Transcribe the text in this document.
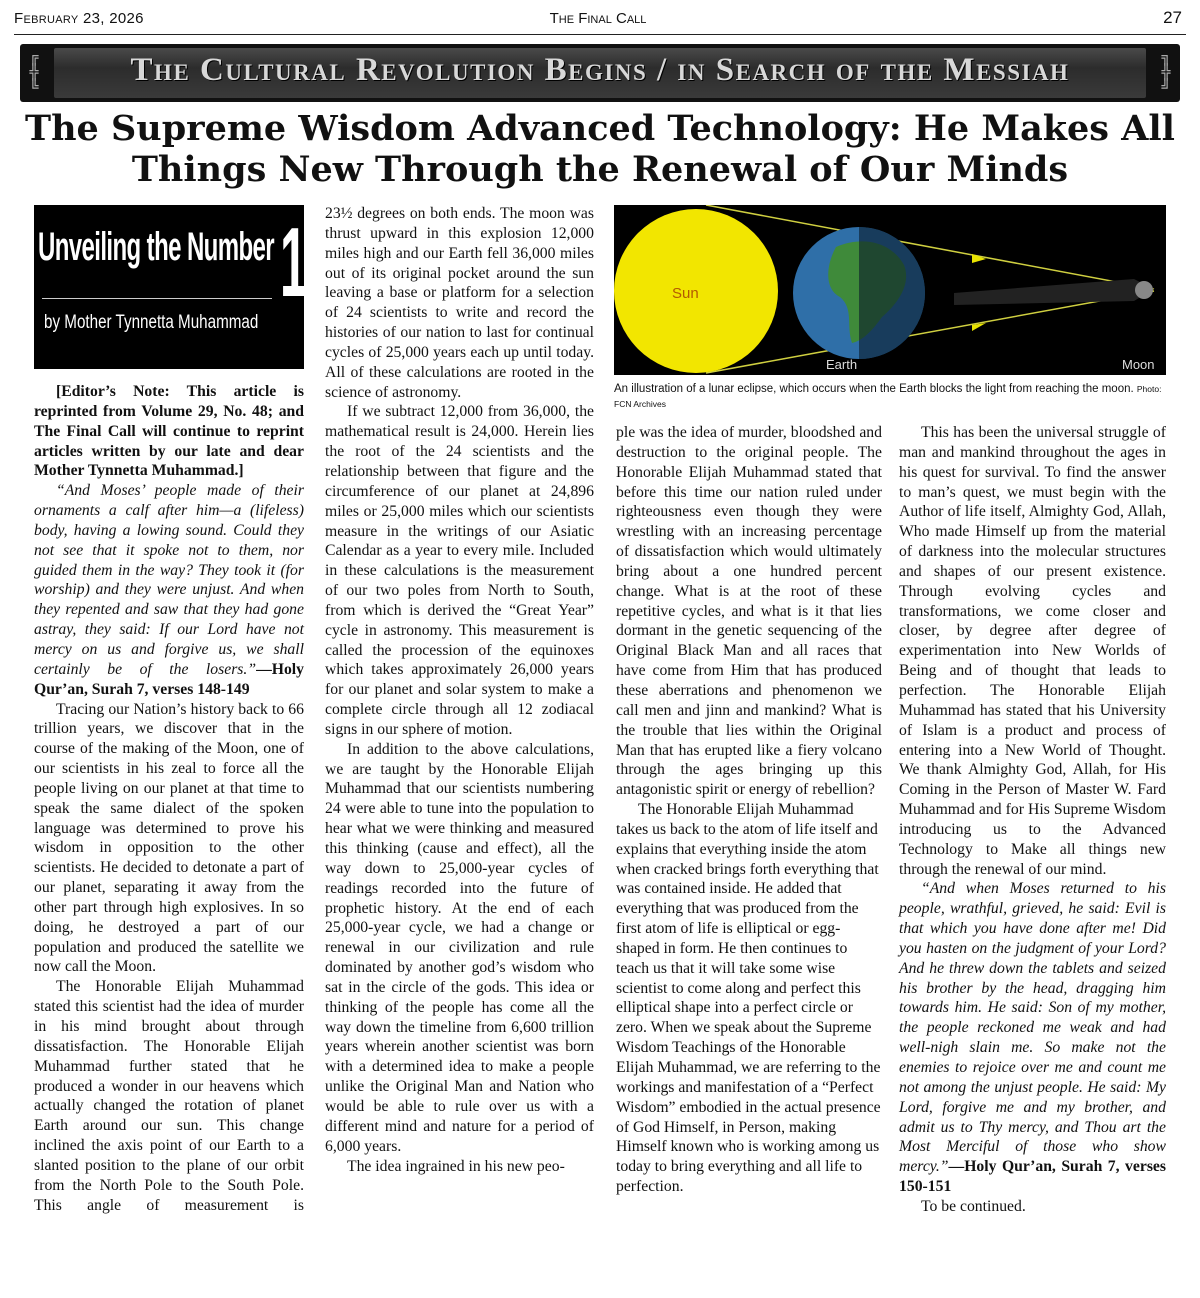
February 23, 2026	The Final Call	27
╔
╬
╚
╗
╬
╝
The Cultural Revolution Begins / in Search of the Messiah
The Supreme Wisdom Advanced Technology: He Makes All Things New Through the Renewal of Our Minds
Unveiling the Number 19
by Mother Tynnetta Muhammad
Sun
Earth	Moon
An illustration of a lunar eclipse, which occurs when the Earth blocks the light from reaching the moon. Photo: FCN Archives

[Editor’s Note: This article is reprinted from Volume 29, No. 48; and The Final Call will continue to reprint articles written by our late and dear Mother Tynnetta Muhammad.]

“And Moses’ people made of their ornaments a calf after him—a (lifeless) body, having a lowing sound. Could they not see that it spoke not to them, nor guided them in the way? They took it (for worship) and they were unjust. And when they repented and saw that they had gone astray, they said: If our Lord have not mercy on us and forgive us, we shall certainly be of the losers.”—Holy Qur’an, Surah 7, verses 148-149

Tracing our Nation’s history back to 66 trillion years, we discover that in the course of the making of the Moon, one of our scientists in his zeal to force all the people living on our planet at that time to speak the same dialect of the spoken language was determined to prove his wisdom in opposition to the other scientists. He decided to detonate a part of our planet, separating it away from the other part through high explosives. In so doing, he destroyed a part of our population and produced the satellite we now call the Moon.

The Honorable Elijah Muhammad stated this scientist had the idea of murder in his mind brought about through dissatisfaction. The Honorable Elijah Muhammad further stated that he produced a wonder in our heavens which actually changed the rotation of planet Earth around our sun. This change inclined the axis point of our Earth to a slanted position to the plane of our orbit from the North Pole to the South Pole. This angle of measurement is

23½ degrees on both ends. The moon was thrust upward in this explosion 12,000 miles high and our Earth fell 36,000 miles out of its original pocket around the sun leaving a base or platform for a selection of 24 scientists to write and record the histories of our nation to last for continual cycles of 25,000 years each up until today. All of these calculations are rooted in the science of astronomy.

If we subtract 12,000 from 36,000, the mathematical result is 24,000. Herein lies the root of the 24 scientists and the relationship between that figure and the circumference of our planet at 24,896 miles or 25,000 miles which our scientists measure in the writings of our Asiatic Calendar as a year to every mile. Included in these calculations is the measurement of our two poles from North to South, from which is derived the “Great Year” cycle in astronomy. This measurement is called the procession of the equinoxes which takes approximately 26,000 years for our planet and solar system to make a complete circle through all 12 zodiacal signs in our sphere of motion.

In addition to the above calculations, we are taught by the Honorable Elijah Muhammad that our scientists numbering 24 were able to tune into the population to hear what we were thinking and measured this thinking (cause and effect), all the way down to 25,000-year cycles of readings recorded into the future of prophetic history. At the end of each 25,000-year cycle, we had a change or renewal in our civilization and rule dominated by another god’s wisdom who sat in the circle of the gods. This idea or thinking of the people has come all the way down the timeline from 6,600 trillion years wherein another scientist was born with a determined idea to make a people unlike the Original Man and Nation who would be able to rule over us with a different mind and nature for a period of 6,000 years.

The idea ingrained in his new peo-

ple was the idea of murder, bloodshed and destruction to the original people. The Honorable Elijah Muhammad stated that before this time our nation ruled under righteousness even though they were wrestling with an increasing percentage of dissatisfaction which would ultimately bring about a one hundred percent change. What is at the root of these repetitive cycles, and what is it that lies dormant in the genetic sequencing of the Original Black Man and all races that have come from Him that has produced these aberrations and phenomenon we call men and jinn and mankind? What is the trouble that lies within the Original Man that has erupted like a fiery volcano through the ages bringing up this antagonistic spirit or energy of rebellion?

The Honorable Elijah Muhammad takes us back to the atom of life itself and explains that everything inside the atom when cracked brings forth everything that was contained inside. He added that everything that was produced from the first atom of life is elliptical or egg-shaped in form. He then continues to teach us that it will take some wise scientist to come along and perfect this elliptical shape into a perfect circle or zero. When we speak about the Supreme Wisdom Teachings of the Honorable Elijah Muhammad, we are referring to the workings and manifestation of a “Perfect Wisdom” embodied in the actual presence of God Himself, in Person, making Himself known who is working among us today to bring everything and all life to perfection.

This has been the universal struggle of man and mankind throughout the ages in his quest for survival. To find the answer to man’s quest, we must begin with the Author of life itself, Almighty God, Allah, Who made Himself up from the material of darkness into the molecular structures and shapes of our present existence. Through evolving cycles and transformations, we come closer and closer, by degree after degree of experimentation into New Worlds of Being and of thought that leads to perfection. The Honorable Elijah Muhammad has stated that his University of Islam is a product and process of entering into a New World of Thought. We thank Almighty God, Allah, for His Coming in the Person of Master W. Fard Muhammad and for His Supreme Wisdom introducing us to the Advanced Technology to Make all things new through the renewal of our mind.

“And when Moses returned to his people, wrathful, grieved, he said: Evil is that which you have done after me! Did you hasten on the judgment of your Lord? And he threw down the tablets and seized his brother by the head, dragging him towards him. He said: Son of my mother, the people reckoned me weak and had well-nigh slain me. So make not the enemies to rejoice over me and count me not among the unjust people. He said: My Lord, forgive me and my brother, and admit us to Thy mercy, and Thou art the Most Merciful of those who show mercy.”—Holy Qur’an, Surah 7, verses 150-151

To be continued.
